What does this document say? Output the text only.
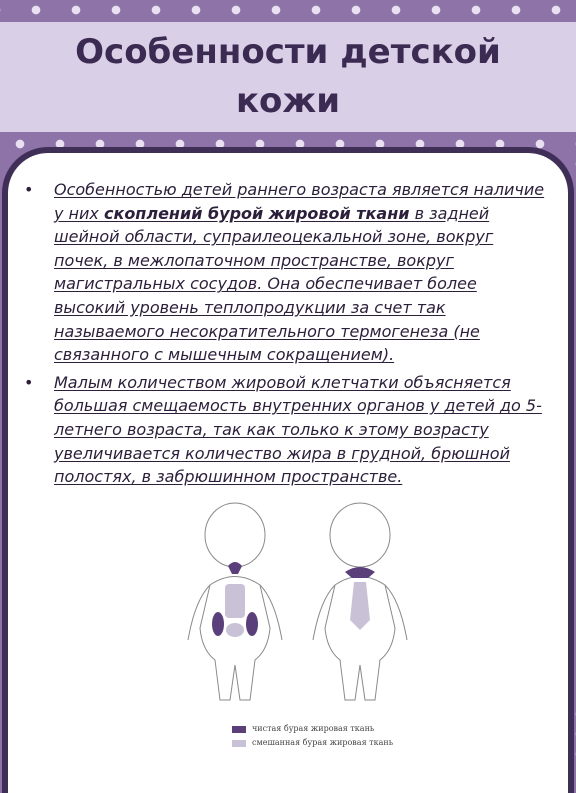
Особенности детской кожи
• Особенностью детей раннего возраста является наличие у них скоплений бурой жировой ткани в задней шейной области, супраилеоцекальной зоне, вокруг почек, в межлопаточном пространстве, вокруг магистральных сосудов. Она обеспечивает более высокий уровень теплопродукции за счет так называемого несократительного термогенеза (не связанного с мышечным сокращением).
• Малым количеством жировой клетчатки объясняется большая смещаемость внутренних органов у детей до 5-летнего возраста, так как только к этому возрасту увеличивается количество жира в грудной, брюшной полостях, в забрюшинном пространстве.
чистая бурая жировая ткань
смешанная бурая жировая ткань
